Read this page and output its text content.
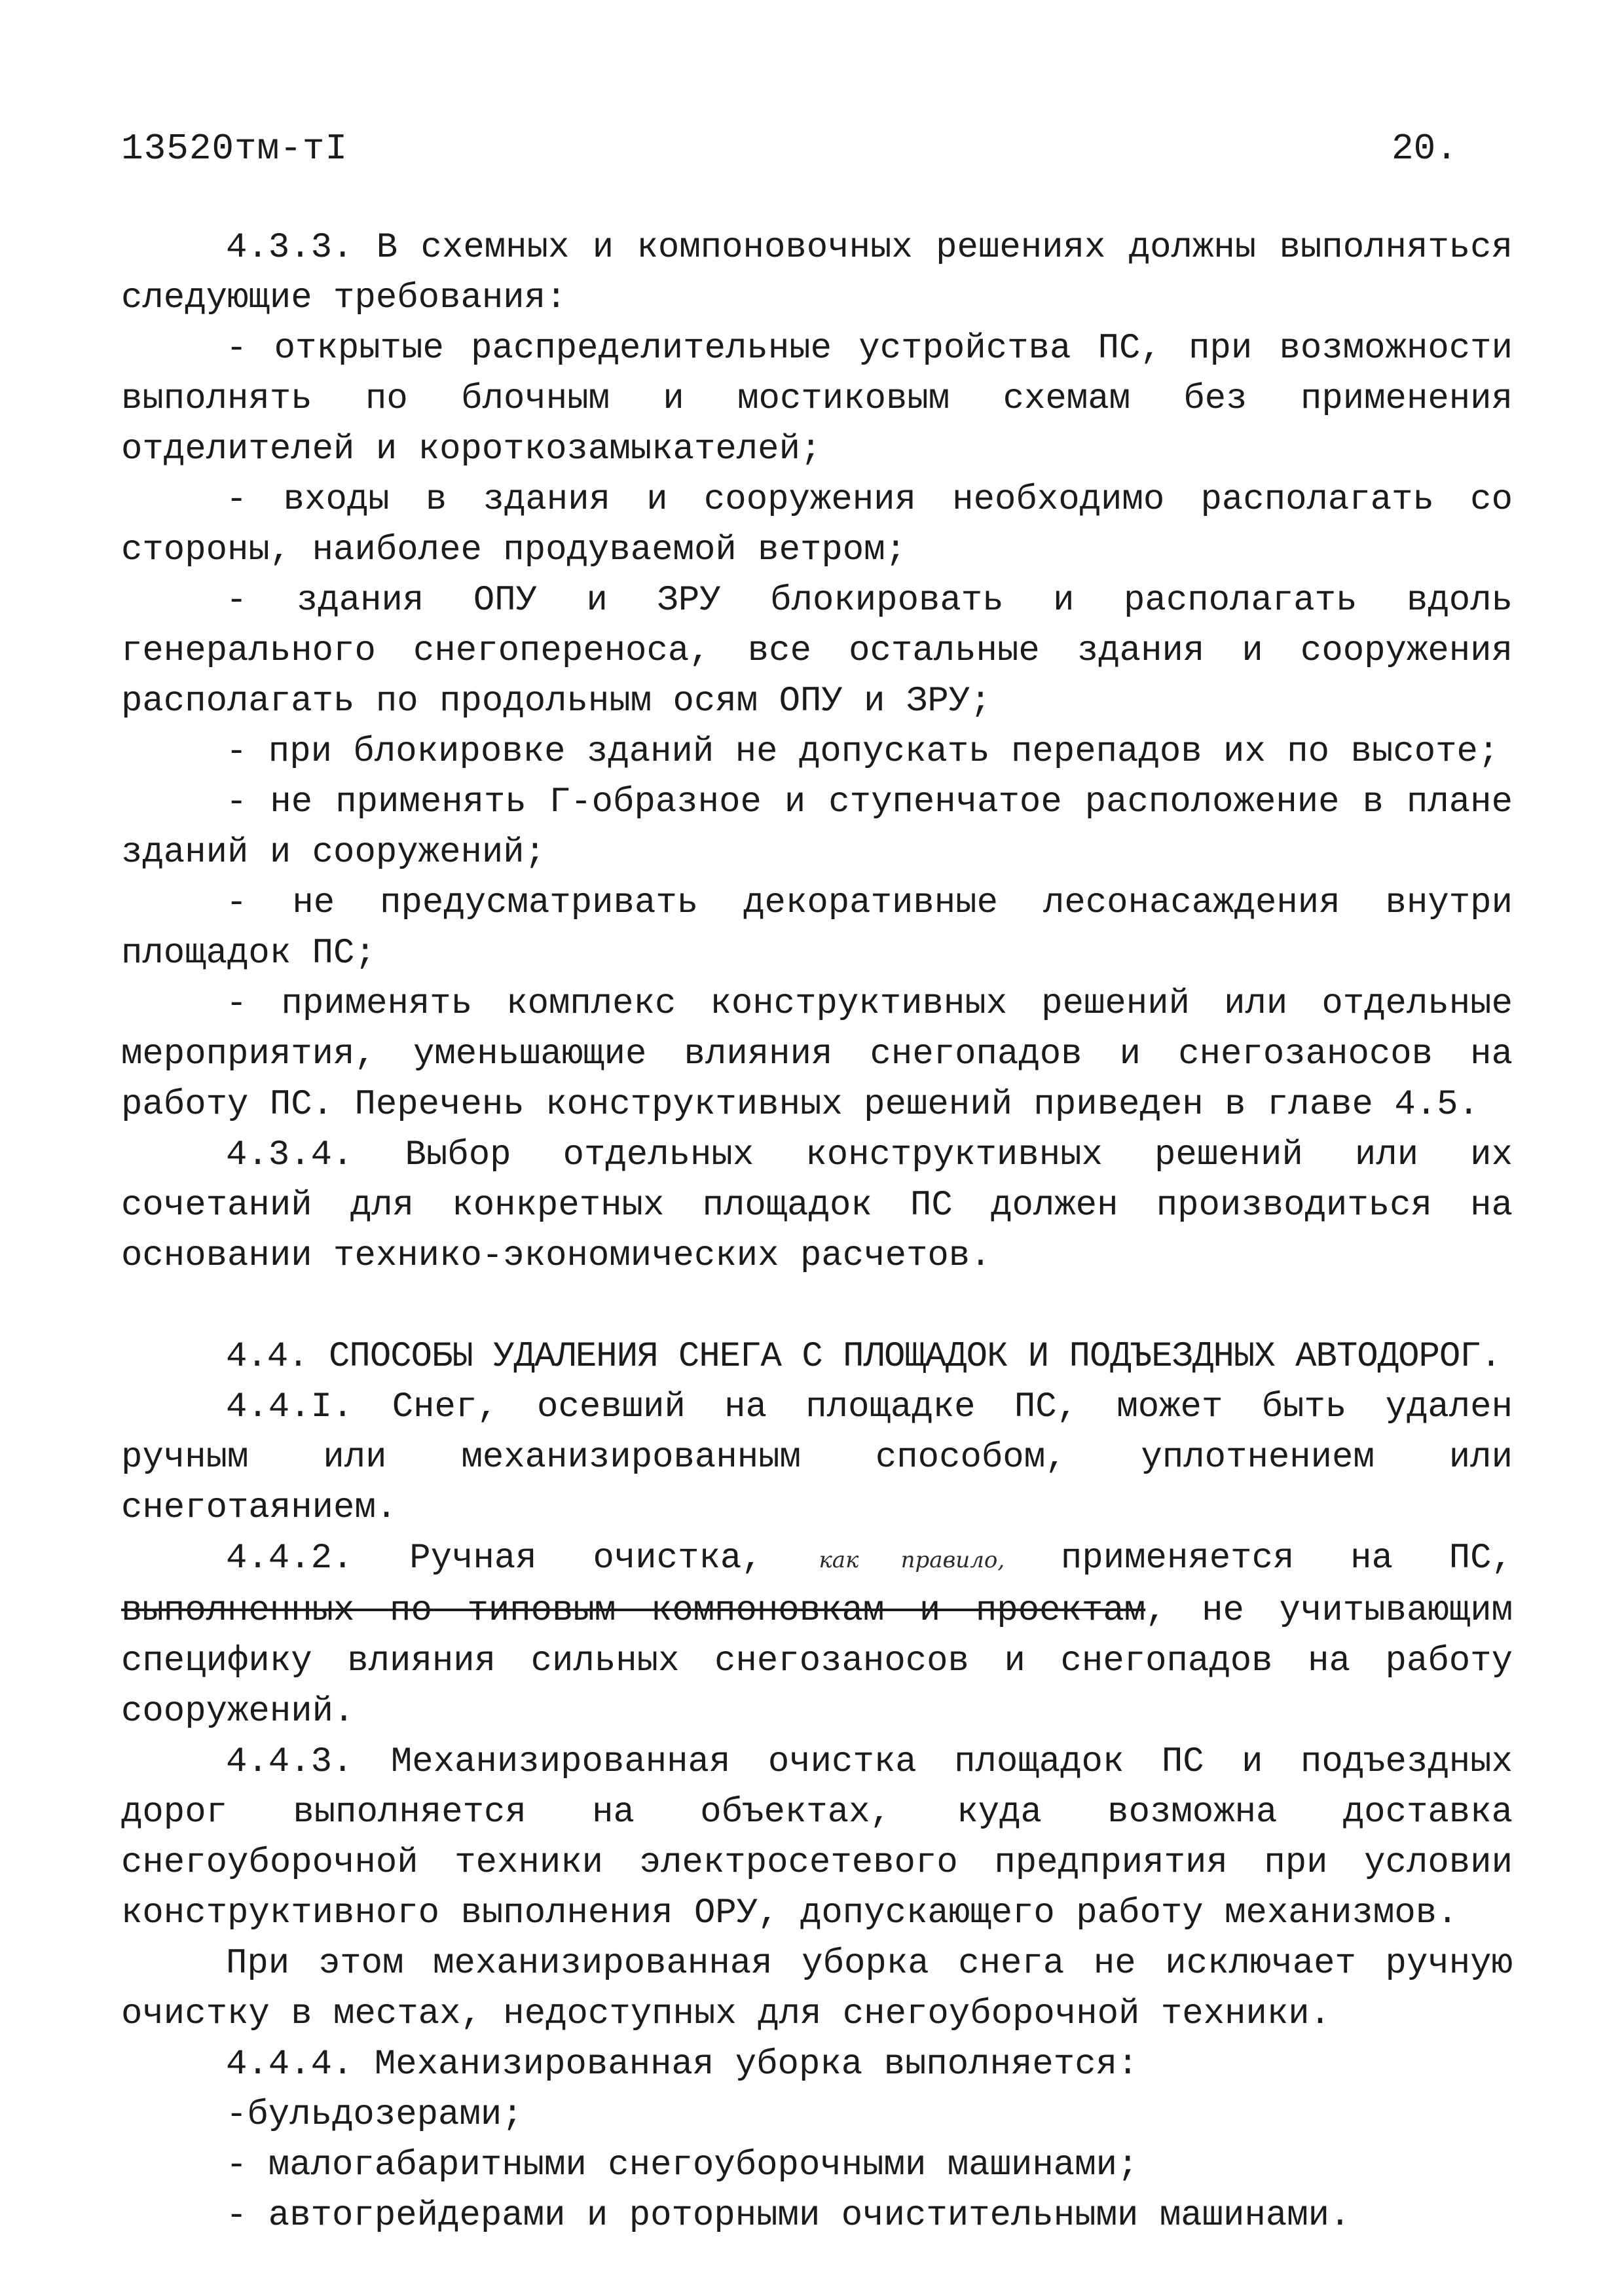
13520тм-тI	20.

4.3.3. В схемных и компоновочных решениях должны выполняться следующие требования:

- открытые распределительные устройства ПС, при возможности выполнять по блочным и мостиковым схемам без применения отделителей и короткозамыкателей;

- входы в здания и сооружения необходимо располагать со стороны, наиболее продуваемой ветром;

- здания ОПУ и ЗРУ блокировать и располагать вдоль генерального снегопереноса, все остальные здания и сооружения располагать по продольным осям ОПУ и ЗРУ;

- при блокировке зданий не допускать перепадов их по высоте;

- не применять Г-образное и ступенчатое расположение в плане зданий и сооружений;

- не предусматривать декоративные лесонасаждения внутри площадок ПС;

- применять комплекс конструктивных решений или отдельные мероприятия, уменьшающие влияния снегопадов и снегозаносов на работу ПС. Перечень конструктивных решений приведен в главе 4.5.

4.3.4. Выбор отдельных конструктивных решений или их сочетаний для конкретных площадок ПС должен производиться на основании технико-экономических расчетов.

4.4. СПОСОБЫ УДАЛЕНИЯ СНЕГА С ПЛОЩАДОК И ПОДЪЕЗДНЫХ АВТОДОРОГ.

4.4.I. Снег, осевший на площадке ПС, может быть удален ручным или механизированным способом, уплотнением или снеготаянием.

4.4.2. Ручная очистка, как правило, применяется на ПС, выполненных по типовым компоновкам и проектам, не учитывающим специфику влияния сильных снегозаносов и снегопадов на работу сооружений.

4.4.3. Механизированная очистка площадок ПС и подъездных дорог выполняется на объектах, куда возможна доставка снегоуборочной техники электросетевого предприятия при условии конструктивного выполнения ОРУ, допускающего работу механизмов.

При этом механизированная уборка снега не исключает ручную очистку в местах, недоступных для снегоуборочной техники.

4.4.4. Механизированная уборка выполняется:

-бульдозерами;

- малогабаритными снегоуборочными машинами;

- автогрейдерами и роторными очистительными машинами.
